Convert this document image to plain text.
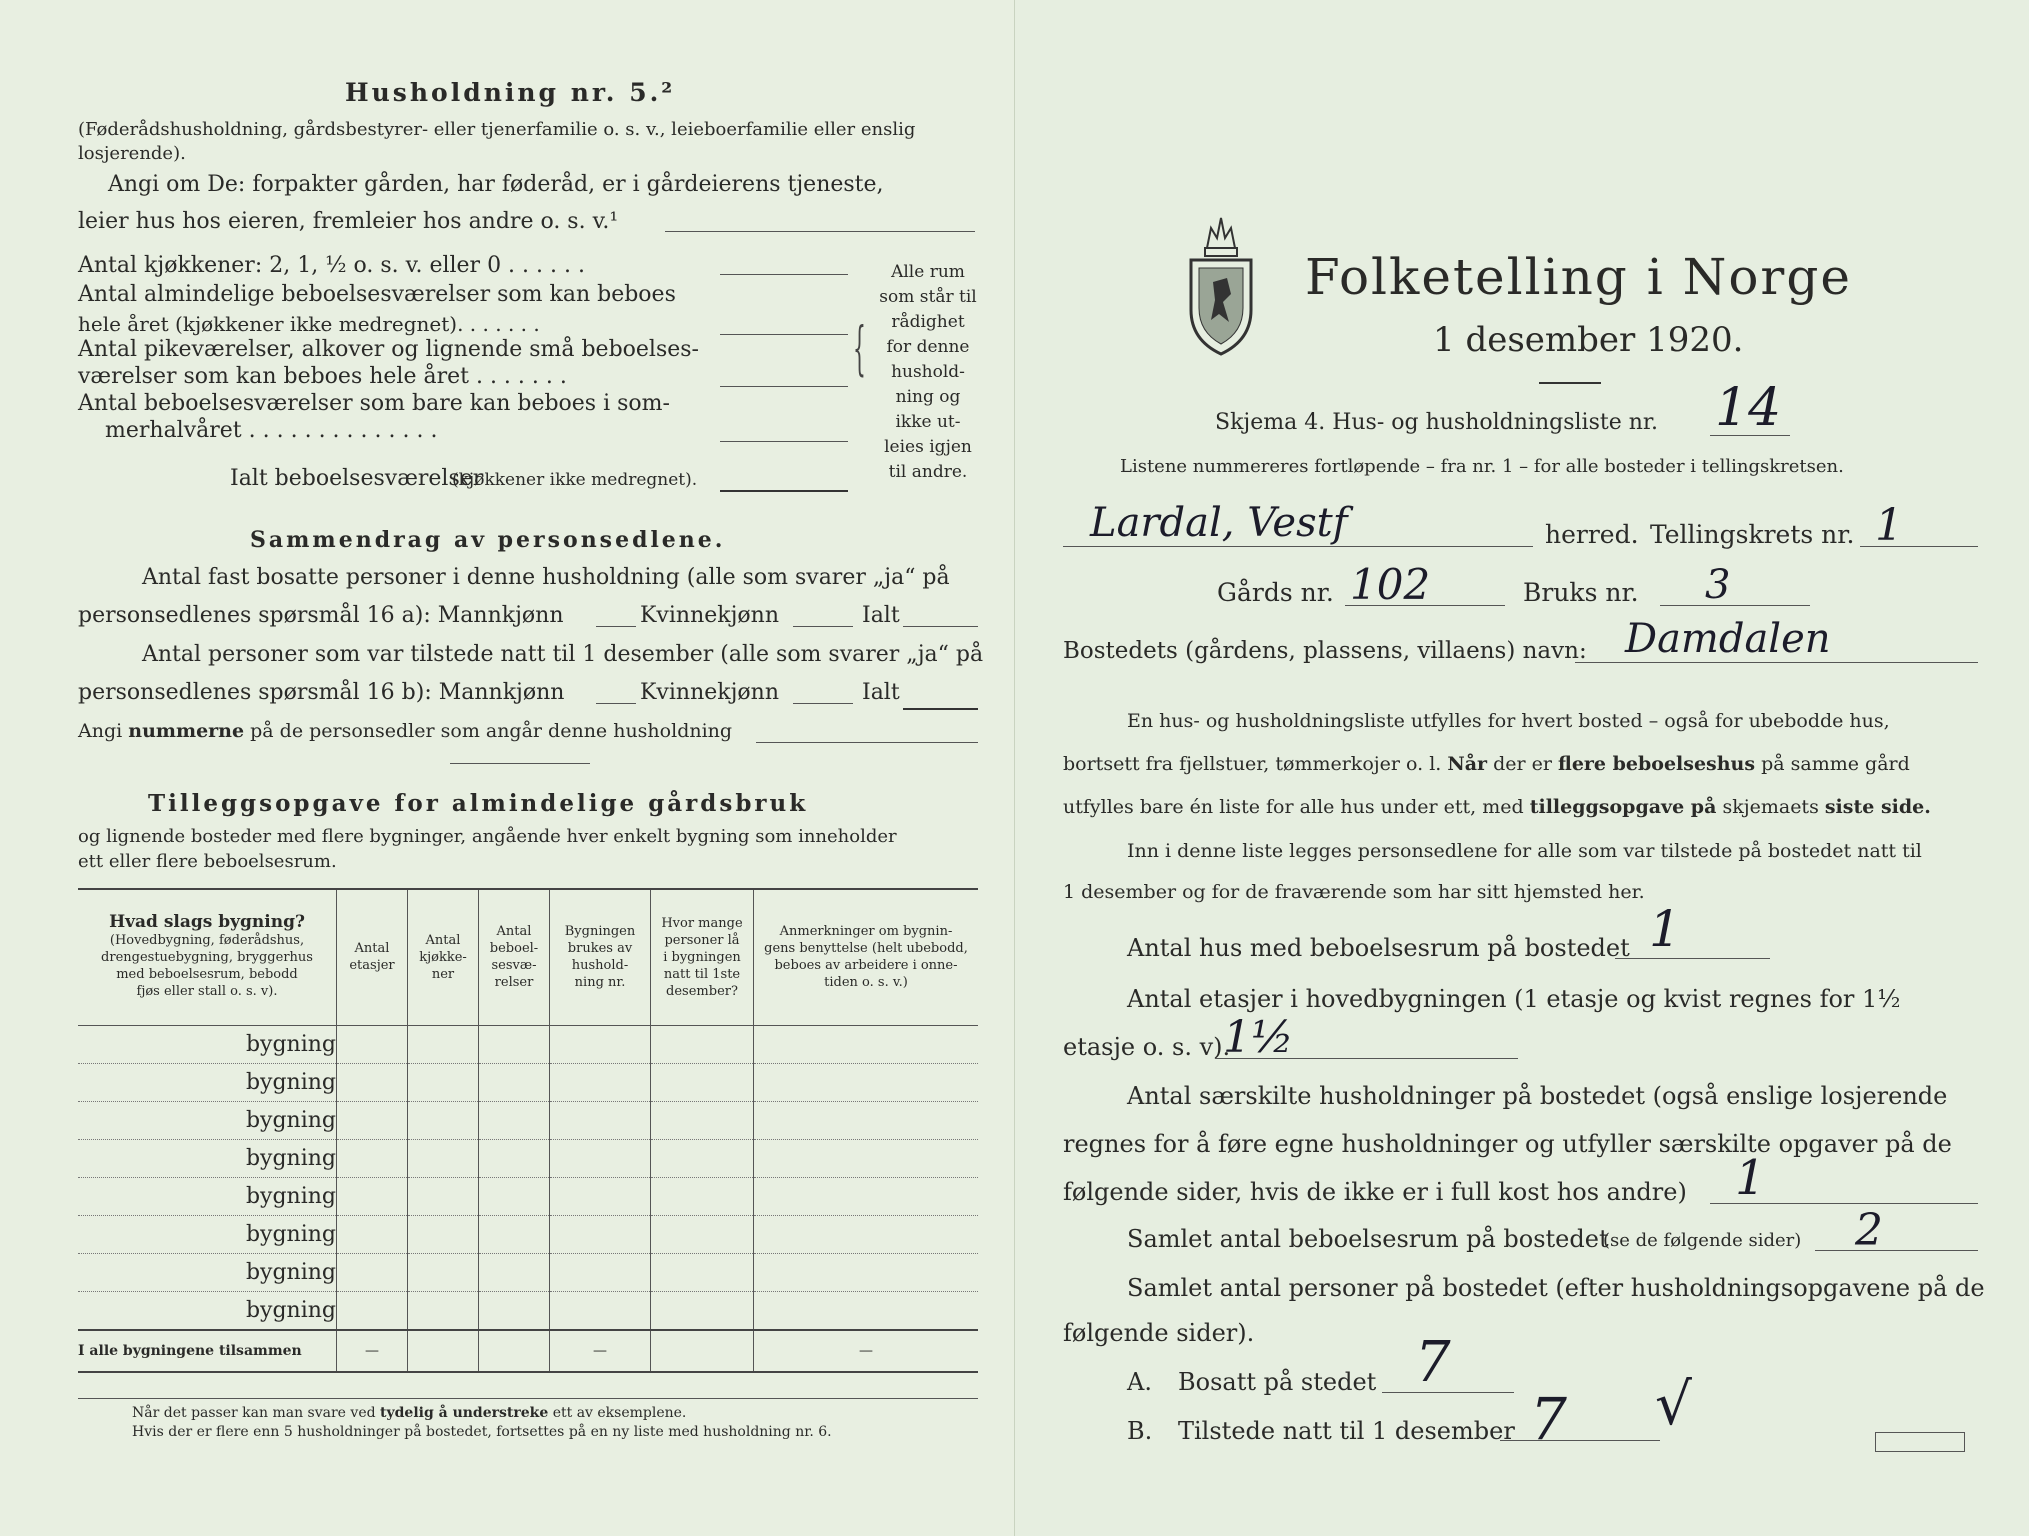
Husholdning nr. 5.²
(Føderådshusholdning, gårdsbestyrer- eller tjenerfamilie o. s. v., leieboerfamilie eller enslig losjerende).
Angi om De: forpakter gården, har føderåd, er i gårdeierens tjeneste,
leier hus hos eieren, fremleier hos andre o. s. v.¹
Antal kjøkkener: 2, 1, ½ o. s. v. eller 0 . . . . . .
Antal almindelige beboelsesværelser som kan beboes
hele året (kjøkkener ikke medregnet). . . . . . .
Antal pikeværelser, alkover og lignende små beboelses-
værelser som kan beboes hele året . . . . . . .
Antal beboelsesværelser som bare kan beboes i som-
merhalvåret . . . . . . . . . . . . . .
Ialt beboelsesværelser
(kjøkkener ikke medregnet).
{
Alle rum
som står til
rådighet
for denne
hushold-
ning og
ikke ut-
leies igjen
til andre.
Sammendrag av personsedlene.
Antal fast bosatte personer i denne husholdning (alle som svarer „ja“ på
personsedlenes spørsmål 16 a): Mannkjønn	Kvinnekjønn	Ialt
Antal personer som var tilstede natt til 1 desember (alle som svarer „ja“ på
personsedlenes spørsmål 16 b): Mannkjønn	Kvinnekjønn	Ialt
Angi nummerne på de personsedler som angår denne husholdning
Tilleggsopgave for almindelige gårdsbruk
og lignende bosteder med flere bygninger, angående hver enkelt bygning som inneholder
ett eller flere beboelsesrum.
Hvad slags bygning?
(Hovedbygning, føderådshus,
drengestuebygning, bryggerhus
med beboelsesrum, bebodd
fjøs eller stall o. s. v).	Antal
etasjer	Antal
kjøkke-
ner	Antal
beboel-
sesvæ-
relser	Bygningen
brukes av
hushold-
ning nr.	Hvor mange
personer lå
i bygningen
natt til 1ste
desember?	Anmerkninger om bygnin-
gens benyttelse (helt ubebodd,
beboes av arbeidere i onne-
tiden o. s. v.)
bygning						
bygning						
bygning						
bygning						
bygning						
bygning						
bygning						
bygning						
I alle bygningene tilsammen	—			—		—
Når det passer kan man svare ved tydelig å understreke ett av eksemplene.
Hvis der er flere enn 5 husholdninger på bostedet, fortsettes på en ny liste med husholdning nr. 6.
Folketelling i Norge
1 desember 1920.
Skjema 4. Hus- og husholdningsliste nr. 14
Listene nummereres fortløpende – fra nr. 1 – for alle bosteder i tellingskretsen.
Lardal, Vestf	herred. Tellingskrets nr. 1
Gårds nr. 102	Bruks nr. 3
Bostedets (gårdens, plassens, villaens) navn: Damdalen
En hus- og husholdningsliste utfylles for hvert bosted – også for ubebodde hus,
bortsett fra fjellstuer, tømmerkojer o. l. Når der er flere beboelseshus på samme gård
utfylles bare én liste for alle hus under ett, med tilleggsopgave på skjemaets siste side.
Inn i denne liste legges personsedlene for alle som var tilstede på bostedet natt til
1 desember og for de fraværende som har sitt hjemsted her.
Antal hus med beboelsesrum på bostedet 1
Antal etasjer i hovedbygningen (1 etasje og kvist regnes for 1½
etasje o. s. v).
1½
Antal særskilte husholdninger på bostedet (også enslige losjerende
regnes for å føre egne husholdninger og utfyller særskilte opgaver på de
følgende sider, hvis de ikke er i full kost hos andre) 1
Samlet antal beboelsesrum på bostedet
(se de følgende sider) 2
Samlet antal personer på bostedet (efter husholdningsopgavene på de
følgende sider).
A. Bosatt på stedet 7
B. Tilstede natt til 1 desember 7 √
